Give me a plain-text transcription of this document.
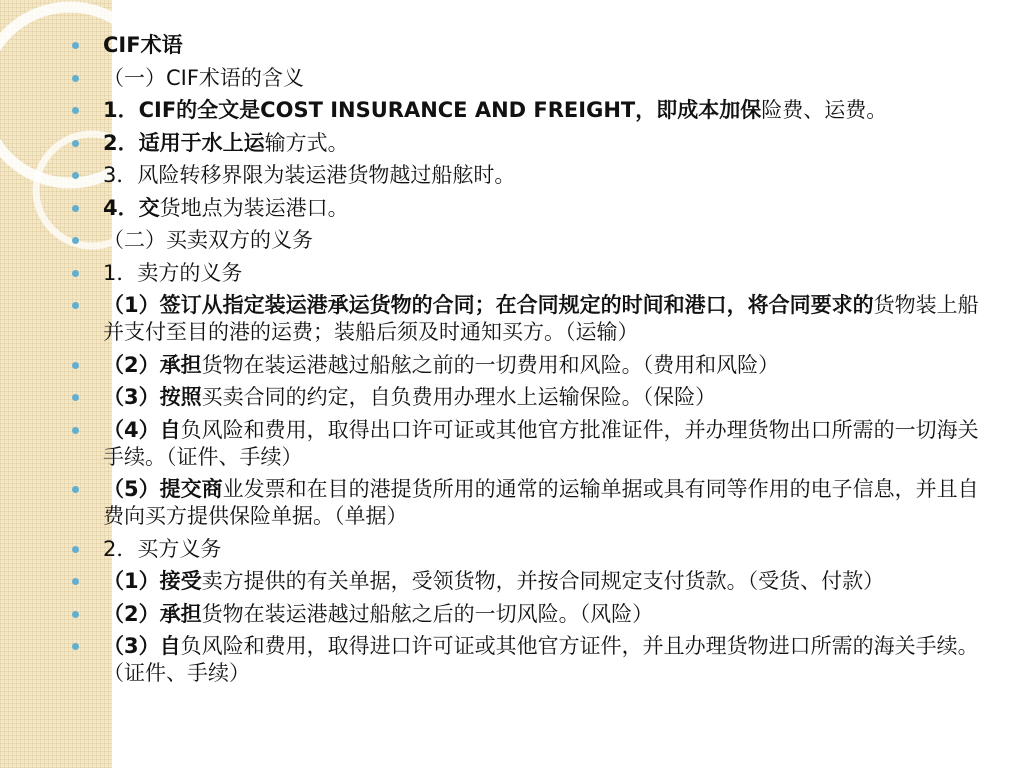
CIF术语
（一）CIF术语的含义
1．CIF的全文是COST INSURANCE AND FREIGHT，即成本加保险费、运费。
2．适用于水上运输方式。
3．风险转移界限为装运港货物越过船舷时。
4．交货地点为装运港口。
（二）买卖双方的义务
1．卖方的义务
（1）签订从指定装运港承运货物的合同；在合同规定的时间和港口，将合同要求的货物装上船并支付至目的港的运费；装船后须及时通知买方。（运输）
（2）承担货物在装运港越过船舷之前的一切费用和风险。（费用和风险）
（3）按照买卖合同的约定，自负费用办理水上运输保险。（保险）
（4）自负风险和费用，取得出口许可证或其他官方批准证件，并办理货物出口所需的一切海关手续。（证件、手续）
（5）提交商业发票和在目的港提货所用的通常的运输单据或具有同等作用的电子信息，并且自费向买方提供保险单据。（单据）
2．买方义务
（1）接受卖方提供的有关单据，受领货物，并按合同规定支付货款。（受货、付款）
（2）承担货物在装运港越过船舷之后的一切风险。（风险）
（3）自负风险和费用，取得进口许可证或其他官方证件，并且办理货物进口所需的海关手续。（证件、手续）
